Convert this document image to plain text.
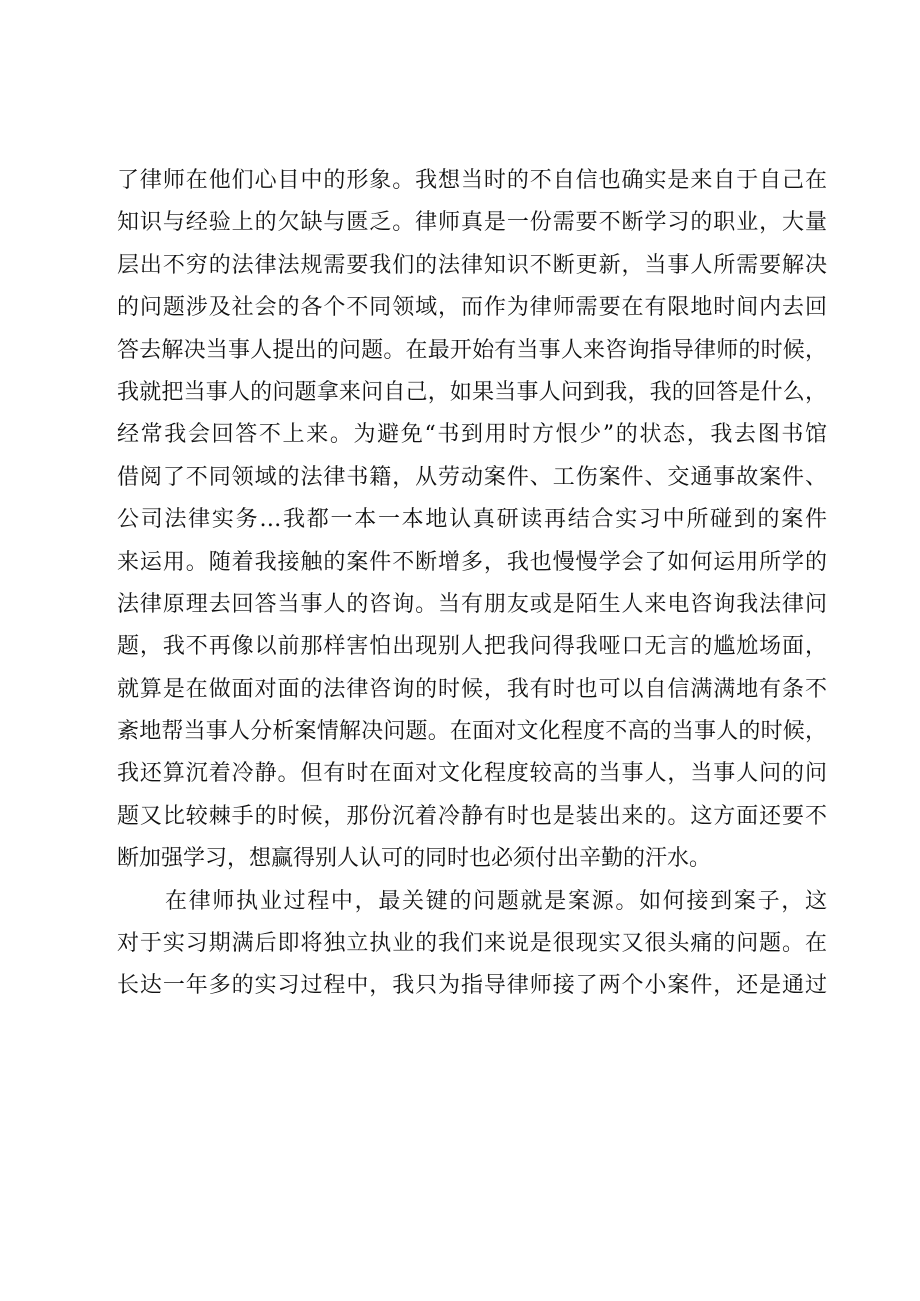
了律师在他们心目中的形象。我想当时的不自信也确实是来自于自己在
知识与经验上的欠缺与匮乏。律师真是一份需要不断学习的职业，大量
层出不穷的法律法规需要我们的法律知识不断更新，当事人所需要解决
的问题涉及社会的各个不同领域，而作为律师需要在有限地时间内去回
答去解决当事人提出的问题。在最开始有当事人来咨询指导律师的时候，
我就把当事人的问题拿来问自己，如果当事人问到我，我的回答是什么，
经常我会回答不上来。为避免“书到用时方恨少”的状态，我去图书馆
借阅了不同领域的法律书籍，从劳动案件、工伤案件、交通事故案件、
公司法律实务…我都一本一本地认真研读再结合实习中所碰到的案件
来运用。随着我接触的案件不断增多，我也慢慢学会了如何运用所学的
法律原理去回答当事人的咨询。当有朋友或是陌生人来电咨询我法律问
题，我不再像以前那样害怕出现别人把我问得我哑口无言的尴尬场面，
就算是在做面对面的法律咨询的时候，我有时也可以自信满满地有条不
紊地帮当事人分析案情解决问题。在面对文化程度不高的当事人的时候，
我还算沉着冷静。但有时在面对文化程度较高的当事人，当事人问的问
题又比较棘手的时候，那份沉着冷静有时也是装出来的。这方面还要不
断加强学习，想赢得别人认可的同时也必须付出辛勤的汗水。
在律师执业过程中，最关键的问题就是案源。如何接到案子，这
对于实习期满后即将独立执业的我们来说是很现实又很头痛的问题。在
长达一年多的实习过程中，我只为指导律师接了两个小案件，还是通过
